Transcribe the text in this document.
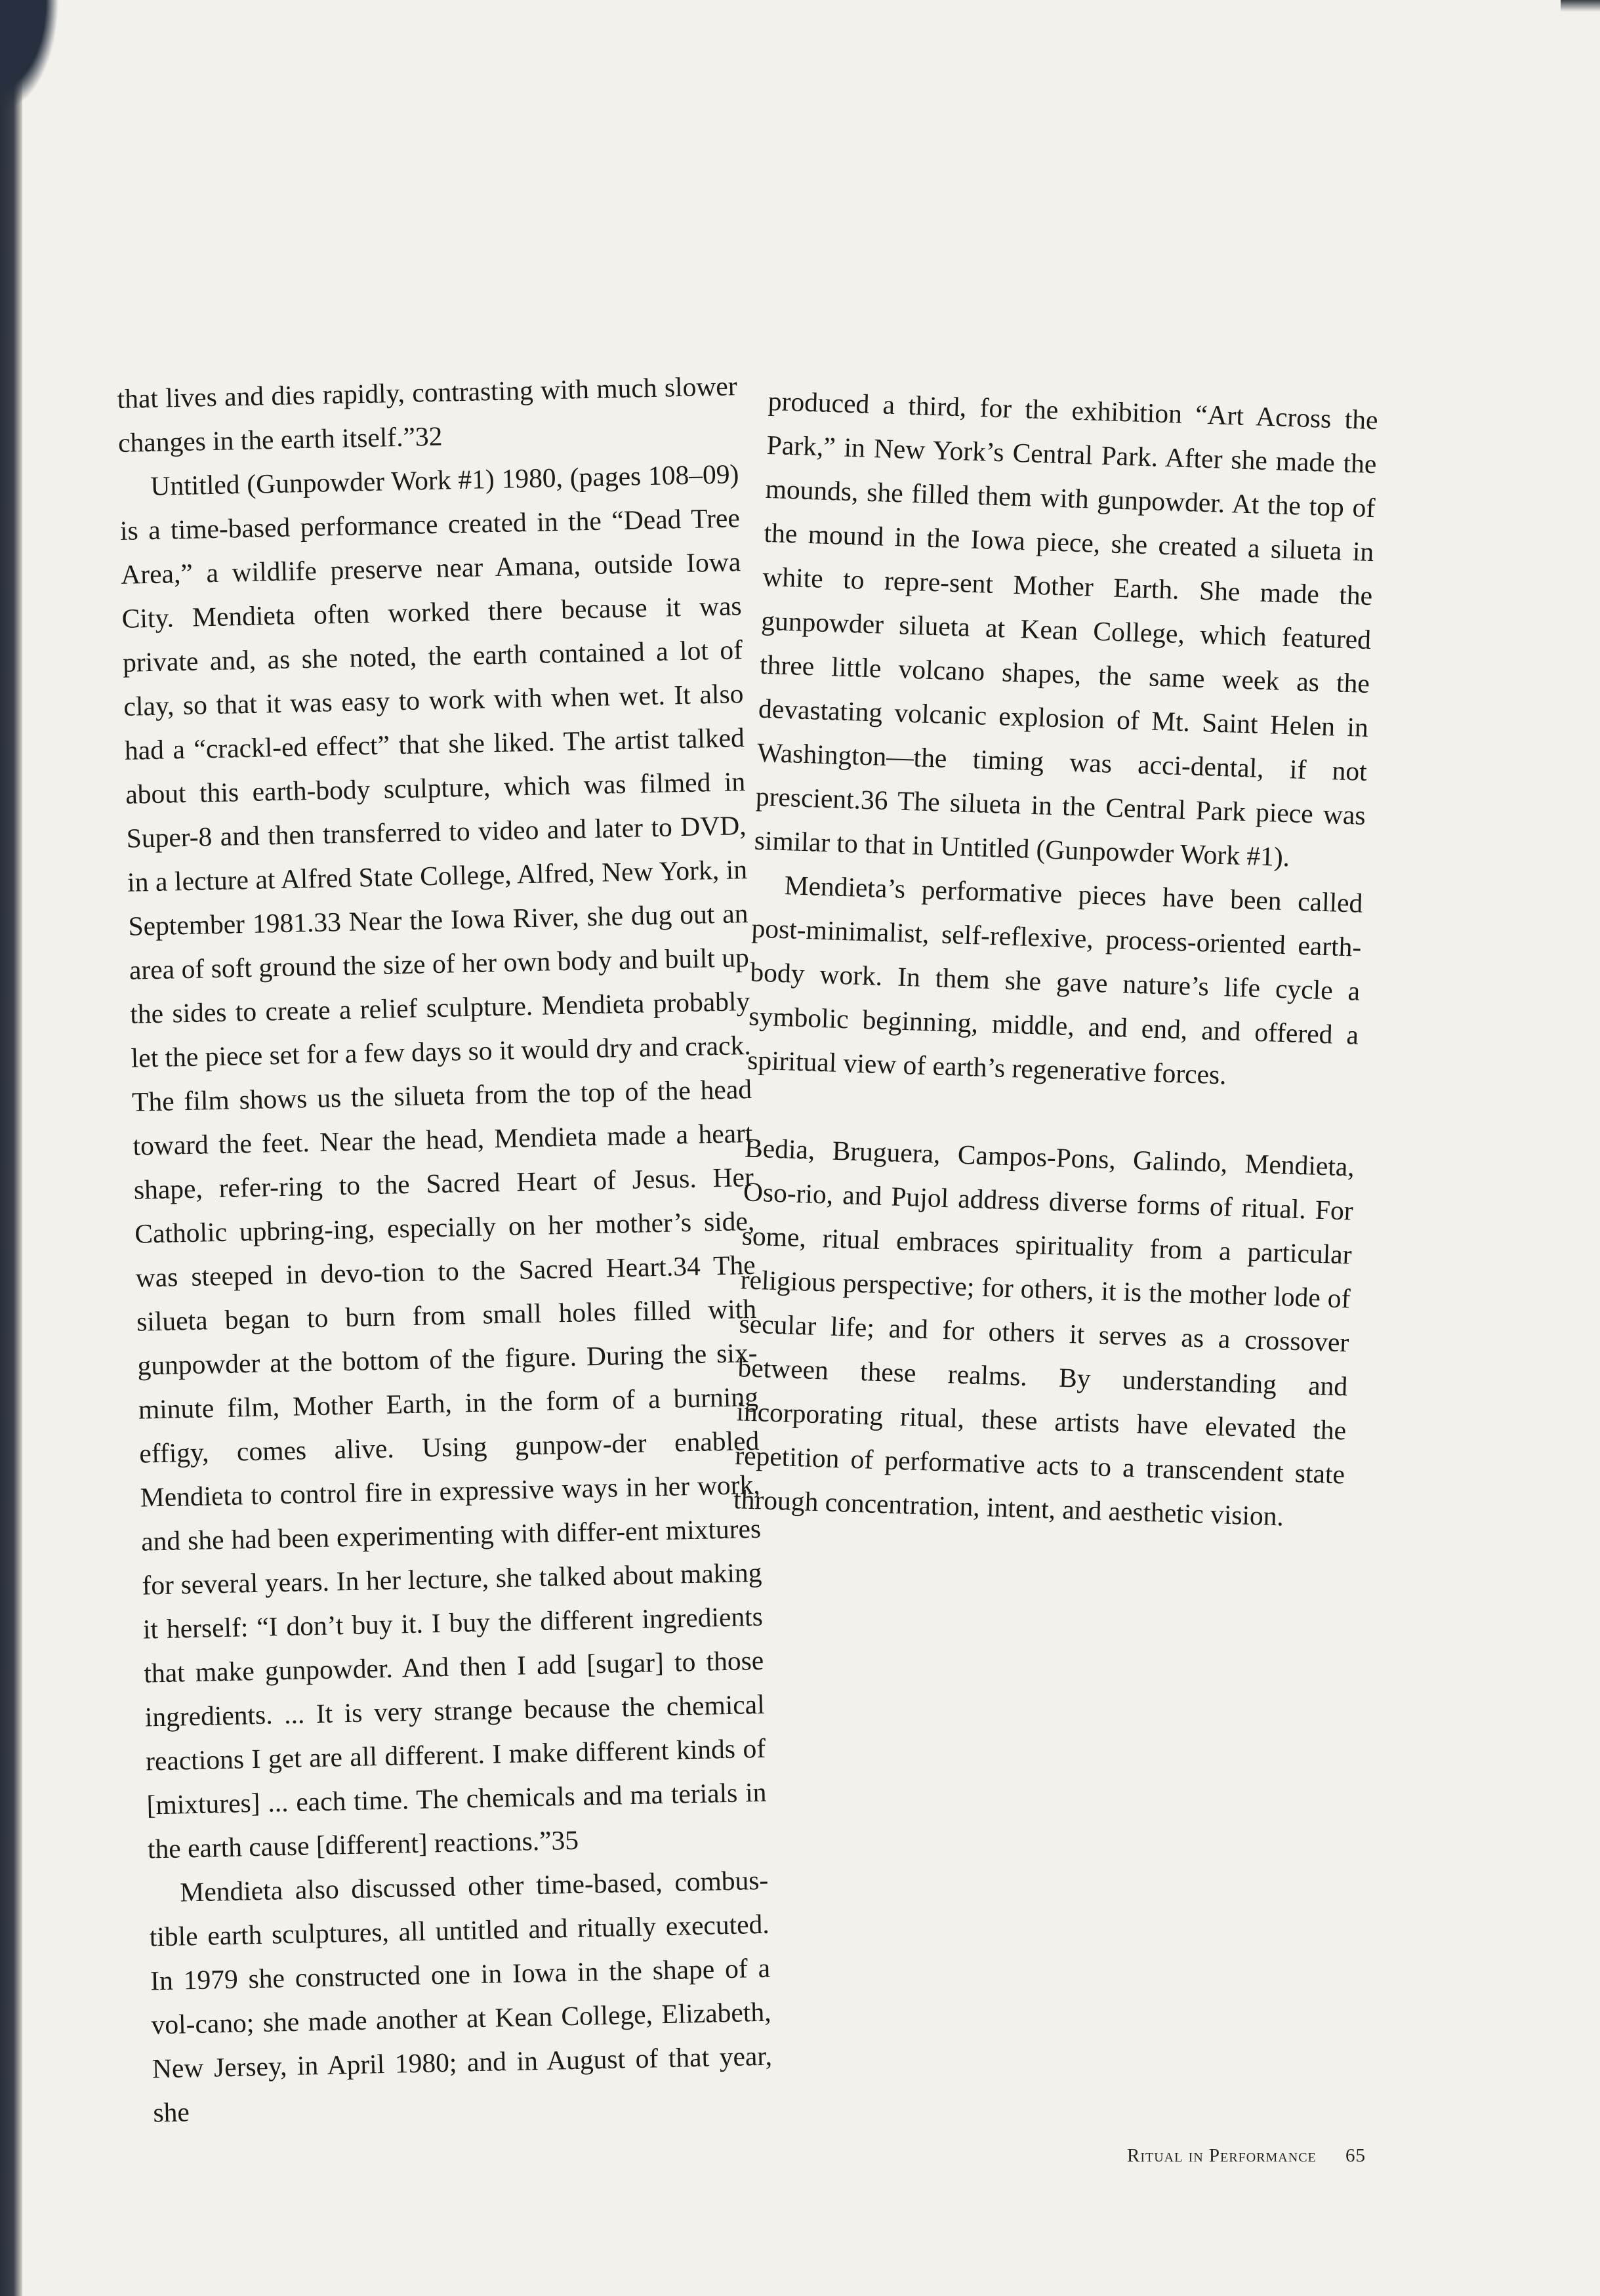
that lives and dies rapidly, contrasting with much slower changes in the earth itself.”32

Untitled (Gunpowder Work #1) 1980, (pages 108–09) is a time-based performance created in the “Dead Tree Area,” a wildlife preserve near Amana, outside Iowa City. Mendieta often worked there because it was private and, as she noted, the earth contained a lot of clay, so that it was easy to work with when wet. It also had a “crackl-ed effect” that she liked. The artist talked about this earth-body sculpture, which was filmed in Super-8 and then transferred to video and later to DVD, in a lecture at Alfred State College, Alfred, New York, in September 1981.33 Near the Iowa River, she dug out an area of soft ground the size of her own body and built up the sides to create a relief sculpture. Mendieta probably let the piece set for a few days so it would dry and crack. The film shows us the silueta from the top of the head toward the feet. Near the head, Mendieta made a heart shape, refer-ring to the Sacred Heart of Jesus. Her Catholic upbring-ing, especially on her mother’s side, was steeped in devo-tion to the Sacred Heart.34 The silueta began to burn from small holes filled with gunpowder at the bottom of the figure. During the six-minute film, Mother Earth, in the form of a burning effigy, comes alive. Using gunpow-der enabled Mendieta to control fire in expressive ways in her work, and she had been experimenting with differ-ent mixtures for several years. In her lecture, she talked about making it herself: “I don’t buy it. I buy the different ingredients that make gunpowder. And then I add [sugar] to those ingredients. ... It is very strange because the chemical reactions I get are all different. I make different kinds of [mixtures] ... each time. The chemicals and ma terials in the earth cause [different] reactions.”35

Mendieta also discussed other time-based, combus-tible earth sculptures, all untitled and ritually executed. In 1979 she constructed one in Iowa in the shape of a vol-cano; she made another at Kean College, Elizabeth, New Jersey, in April 1980; and in August of that year, she

produced a third, for the exhibition “Art Across the Park,” in New York’s Central Park. After she made the mounds, she filled them with gunpowder. At the top of the mound in the Iowa piece, she created a silueta in white to repre-sent Mother Earth. She made the gunpowder silueta at Kean College, which featured three little volcano shapes, the same week as the devastating volcanic explosion of Mt. Saint Helen in Washington—the timing was acci-dental, if not prescient.36 The silueta in the Central Park piece was similar to that in Untitled (Gunpowder Work #1).

Mendieta’s performative pieces have been called post-minimalist, self-reflexive, process-oriented earth-body work. In them she gave nature’s life cycle a symbolic beginning, middle, and end, and offered a spiritual view of earth’s regenerative forces.

Bedia, Bruguera, Campos-Pons, Galindo, Mendieta, Oso-rio, and Pujol address diverse forms of ritual. For some, ritual embraces spirituality from a particular religious perspective; for others, it is the mother lode of secular life; and for others it serves as a crossover between these realms. By understanding and incorporating ritual, these artists have elevated the repetition of performative acts to a transcendent state through concentration, intent, and aesthetic vision.

Ritual in Performance 65
